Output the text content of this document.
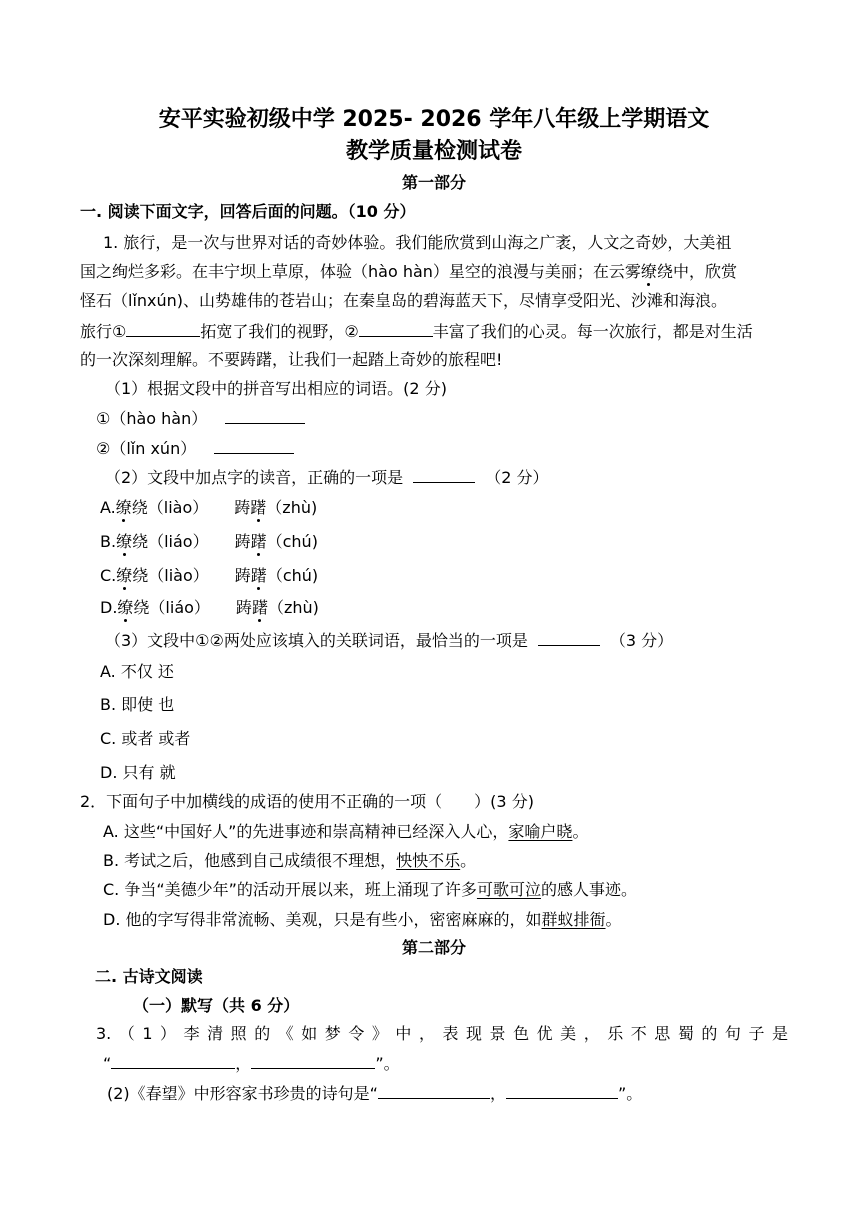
安平实验初级中学 2025- 2026 学年八年级上学期语文
教学质量检测试卷
第一部分
一. 阅读下面文字，回答后面的问题。（10 分）
1. 旅行，是一次与世界对话的奇妙体验。我们能欣赏到山海之广袤，人文之奇妙，大美祖
国之绚烂多彩。在丰宁坝上草原，体验（hào hàn）星空的浪漫与美丽；在云雾缭绕中，欣赏
怪石（lǐnxún)、山势雄伟的苍岩山；在秦皇岛的碧海蓝天下，尽情享受阳光、沙滩和海浪。
旅行①	拓宽了我们的视野，②	丰富了我们的心灵。每一次旅行，都是对生活
的一次深刻理解。不要踌躇，让我们一起踏上奇妙的旅程吧!
（1）根据文段中的拼音写出相应的词语。(2 分)
①（hào hàn）
②（lǐn xún）
（2）文段中加点字的读音，正确的一项是	（2 分）
A.缭绕（liào） 踌躇（zhù)
B.缭绕（liáo） 踌躇（chú)
C.缭绕（liào） 踌躇（chú)
D.缭绕（liáo） 踌躇（zhù)
（3）文段中①②两处应该填入的关联词语，最恰当的一项是	（3 分）
A. 不仅 还
B. 即使 也
C. 或者 或者
D. 只有 就
2．下面句子中加横线的成语的使用不正确的一项（　　）(3 分)
A. 这些“中国好人”的先进事迹和崇高精神已经深入人心，家喻户晓。
B. 考试之后，他感到自己成绩很不理想，怏怏不乐。
C. 争当“美德少年”的活动开展以来，班上涌现了许多可歌可泣的感人事迹。
D. 他的字写得非常流畅、美观，只是有些小，密密麻麻的，如群蚁排衙。
第二部分
二. 古诗文阅读
（一）默写（共 6 分）
3.（1）李清照的《如梦令》中，表现景色优美，乐不思蜀的句子是
“	，	”。
(2)《春望》中形容家书珍贵的诗句是“	，	”。
